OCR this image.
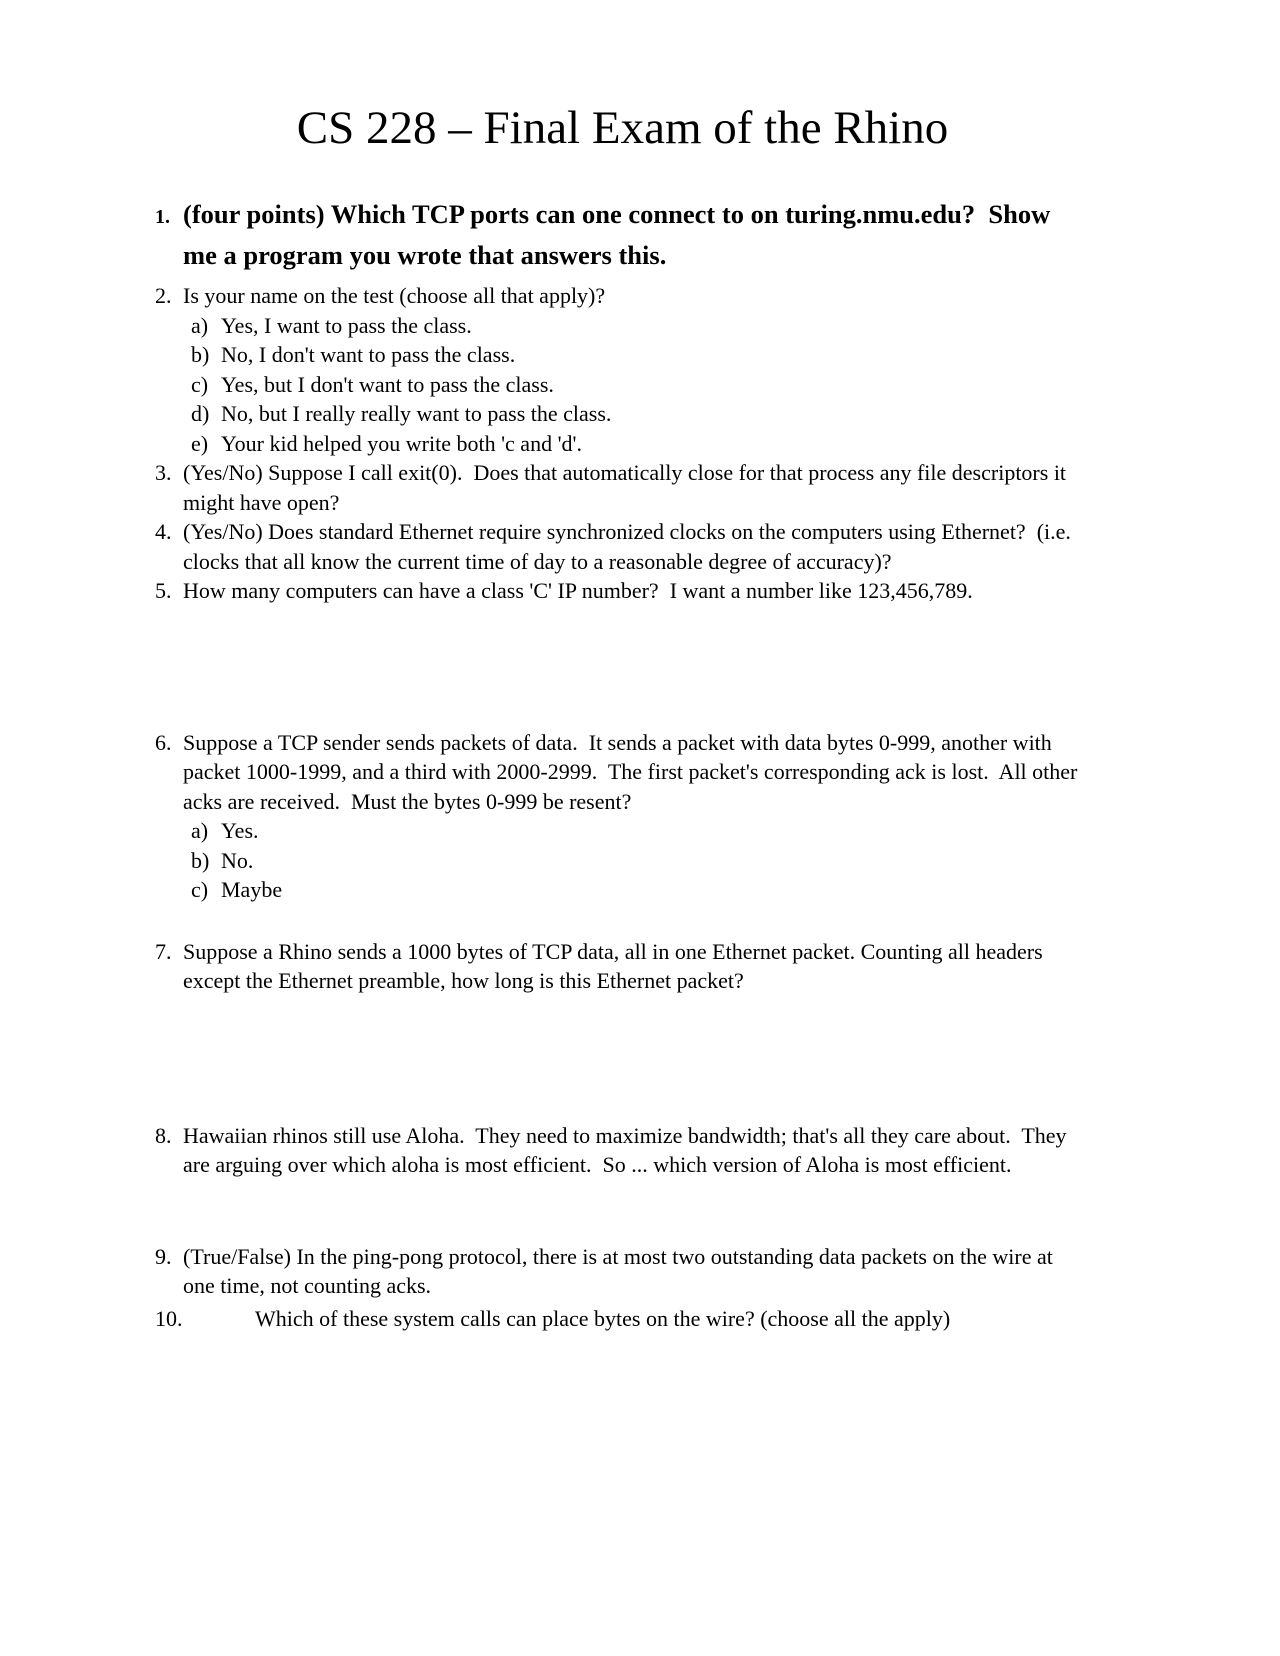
CS 228 – Final Exam of the Rhino
1. (four points) Which TCP ports can one connect to on turing.nmu.edu?  Show me a program you wrote that answers this.
2. Is your name on the test (choose all that apply)?
a) Yes, I want to pass the class.
b) No, I don't want to pass the class.
c) Yes, but I don't want to pass the class.
d) No, but I really really want to pass the class.
e) Your kid helped you write both 'c and 'd'.
3. (Yes/No) Suppose I call exit(0).  Does that automatically close for that process any file descriptors it might have open?
4. (Yes/No) Does standard Ethernet require synchronized clocks on the computers using Ethernet?  (i.e. clocks that all know the current time of day to a reasonable degree of accuracy)?
5. How many computers can have a class 'C' IP number?  I want a number like 123,456,789.
6. Suppose a TCP sender sends packets of data.  It sends a packet with data bytes 0-999, another with packet 1000-1999, and a third with 2000-2999.  The first packet's corresponding ack is lost.  All other acks are received.  Must the bytes 0-999 be resent?
a) Yes.
b) No.
c) Maybe
7. Suppose a Rhino sends a 1000 bytes of TCP data, all in one Ethernet packet. Counting all headers except the Ethernet preamble, how long is this Ethernet packet?
8. Hawaiian rhinos still use Aloha.  They need to maximize bandwidth; that's all they care about.  They are arguing over which aloha is most efficient.  So ... which version of Aloha is most efficient.
9. (True/False) In the ping-pong protocol, there is at most two outstanding data packets on the wire at one time, not counting acks.
10.	Which of these system calls can place bytes on the wire? (choose all the apply)
